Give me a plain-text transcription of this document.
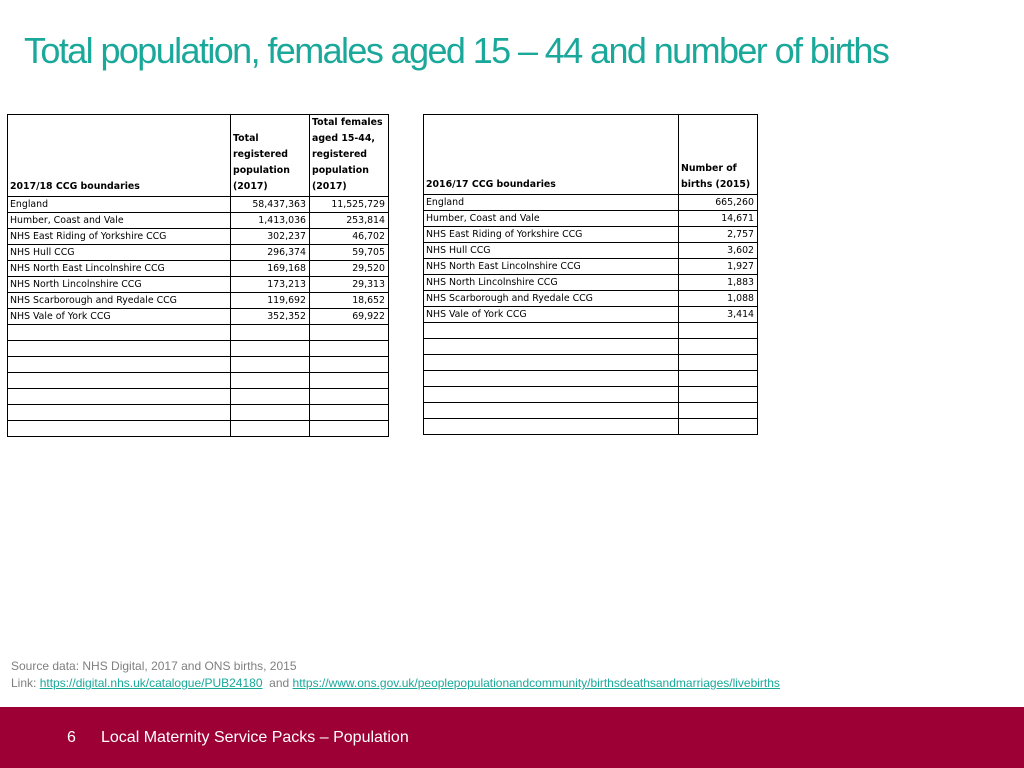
Total population, females aged 15 – 44 and number of births
2017/18 CCG boundaries	Total registered population (2017)	Total females aged 15-44, registered population (2017)
England	58,437,363	11,525,729
Humber, Coast and Vale	1,413,036	253,814
NHS East Riding of Yorkshire CCG	302,237	46,702
NHS Hull CCG	296,374	59,705
NHS North East Lincolnshire CCG	169,168	29,520
NHS North Lincolnshire CCG	173,213	29,313
NHS Scarborough and Ryedale CCG	119,692	18,652
NHS Vale of York CCG	352,352	69,922

2016/17 CCG boundaries	Number of births (2015)
England	665,260
Humber, Coast and Vale	14,671
NHS East Riding of Yorkshire CCG	2,757
NHS Hull CCG	3,602
NHS North East Lincolnshire CCG	1,927
NHS North Lincolnshire CCG	1,883
NHS Scarborough and Ryedale CCG	1,088
NHS Vale of York CCG	3,414

Source data: NHS Digital, 2017 and ONS births, 2015
Link: https://digital.nhs.uk/catalogue/PUB24180  and https://www.ons.gov.uk/peoplepopulationandcommunity/birthsdeathsandmarriages/livebirths
6 Local Maternity Service Packs – Population
